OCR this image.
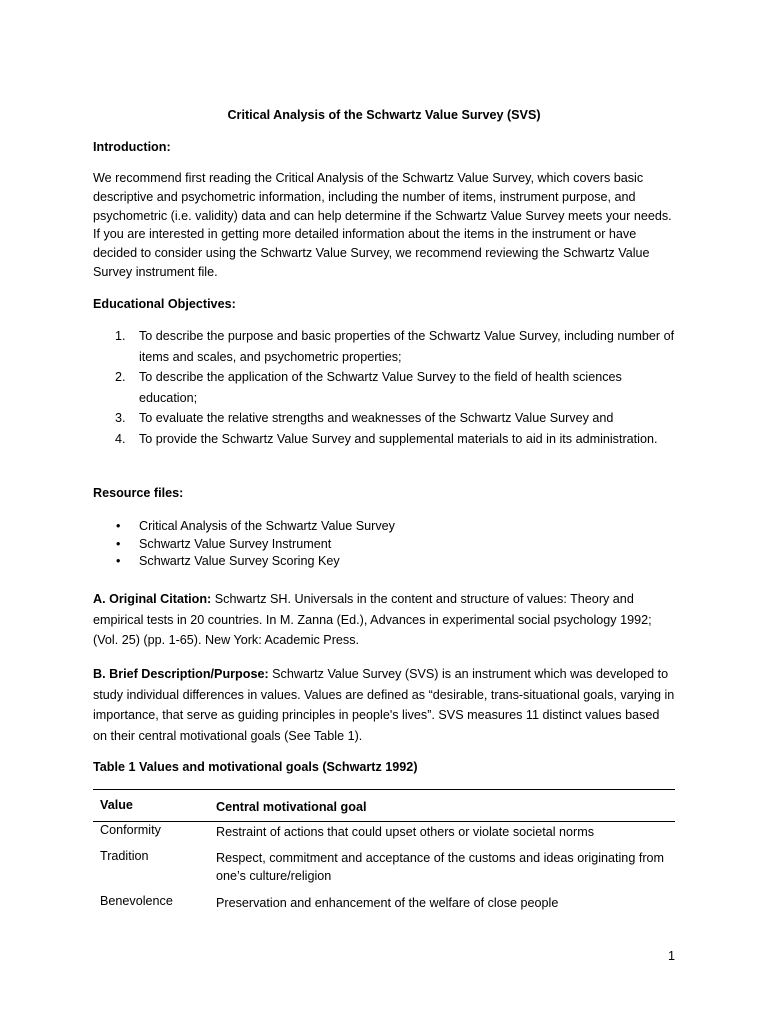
Critical Analysis of the Schwartz Value Survey (SVS)
Introduction:
We recommend first reading the Critical Analysis of the Schwartz Value Survey, which covers basic descriptive and psychometric information, including the number of items, instrument purpose, and psychometric (i.e. validity) data and can help determine if the Schwartz Value Survey meets your needs. If you are interested in getting more detailed information about the items in the instrument or have decided to consider using the Schwartz Value Survey, we recommend reviewing the Schwartz Value Survey instrument file.
Educational Objectives:
1. To describe the purpose and basic properties of the Schwartz Value Survey, including number of items and scales, and psychometric properties;
2. To describe the application of the Schwartz Value Survey to the field of health sciences education;
3. To evaluate the relative strengths and weaknesses of the Schwartz Value Survey and
4. To provide the Schwartz Value Survey and supplemental materials to aid in its administration.
Resource files:
• Critical Analysis of the Schwartz Value Survey
• Schwartz Value Survey Instrument
• Schwartz Value Survey Scoring Key
A. Original Citation: Schwartz SH. Universals in the content and structure of values: Theory and empirical tests in 20 countries. In M. Zanna (Ed.), Advances in experimental social psychology 1992; (Vol. 25) (pp. 1-65). New York: Academic Press.
B. Brief Description/Purpose: Schwartz Value Survey (SVS) is an instrument which was developed to study individual differences in values. Values are defined as “desirable, trans-situational goals, varying in importance, that serve as guiding principles in people's lives”. SVS measures 11 distinct values based on their central motivational goals (See Table 1).
Table 1 Values and motivational goals (Schwartz 1992)
Value	Central motivational goal
Conformity	Restraint of actions that could upset others or violate societal norms
Tradition	Respect, commitment and acceptance of the customs and ideas originating from one’s culture/religion
Benevolence	Preservation and enhancement of the welfare of close people
1
